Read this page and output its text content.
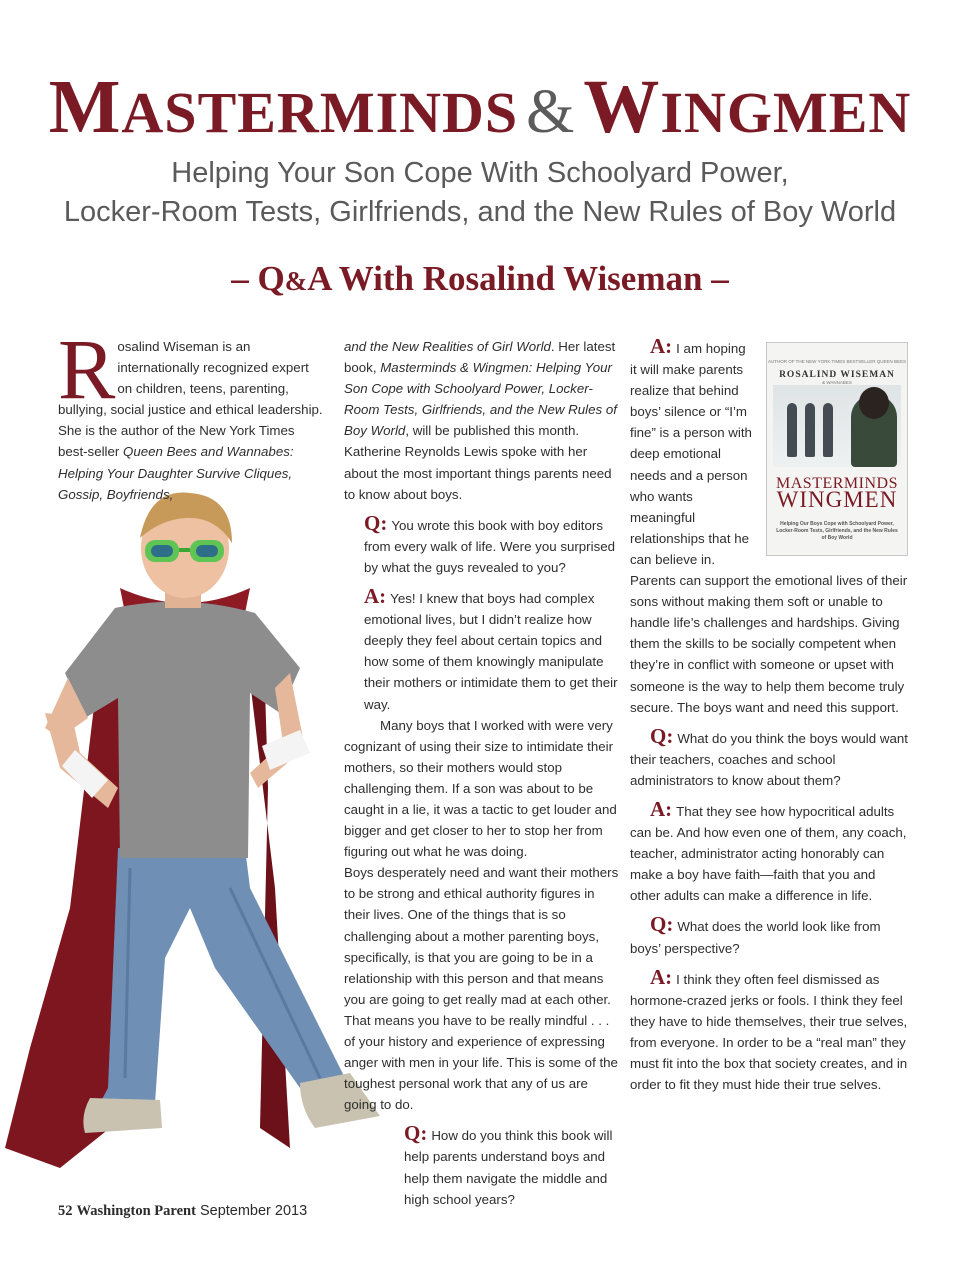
MASTERMINDS & WINGMEN
Helping Your Son Cope With Schoolyard Power,
Locker-Room Tests, Girlfriends, and the New Rules of Boy World
– Q&A With Rosalind Wiseman –

Rosalind Wiseman is an internationally recognized expert on children, teens, parenting, bullying, social justice and ethical leadership. She is the author of the New York Times best-seller Queen Bees and Wannabes: Helping Your Daughter Survive Cliques, Gossip, Boyfriends,

and the New Realities of Girl World. Her latest book, Masterminds & Wingmen: Helping Your Son Cope with Schoolyard Power, Locker-Room Tests, Girlfriends, and the New Rules of Boy World, will be published this month. Katherine Reynolds Lewis spoke with her about the most important things parents need to know about boys.

Q: You wrote this book with boy editors from every walk of life. Were you surprised by what the guys revealed to you?

A: Yes! I knew that boys had complex emotional lives, but I didn’t realize how deeply they feel about certain topics and how some of them knowingly manipulate their mothers or intimidate them to get their way.

Many boys that I worked with were very cognizant of using their size to intimidate their mothers, so their mothers would stop challenging them. If a son was about to be caught in a lie, it was a tactic to get louder and bigger and get closer to her to stop her from figuring out what he was doing.

Boys desperately need and want their mothers to be strong and ethical authority figures in their lives. One of the things that is so challenging about a mother parenting boys, specifically, is that you are going to be in a relationship with this person and that means you are going to get really mad at each other. That means you have to be really mindful . . . of your history and experience of expressing anger with men in your life. This is some of the toughest personal work that any of us are going to do.

Q: How do you think this book will help parents understand boys and help them navigate the middle and high school years?

AUTHOR OF THE NEW YORK TIMES BESTSELLER QUEEN BEES & WANNABES
ROSALIND WISEMAN
MASTERMINDS
WINGMEN
Helping Our Boys Cope with Schoolyard Power, Locker-Room Tests, Girlfriends, and the New Rules of Boy World

A: I am hoping it will make parents realize that behind boys’ silence or “I’m fine” is a person with deep emotional needs and a person who wants meaningful relationships that he can believe in. Parents can support the emotional lives of their sons without making them soft or unable to handle life’s challenges and hardships. Giving them the skills to be socially competent when they’re in conflict with someone or upset with someone is the way to help them become truly secure. The boys want and need this support.

Q: What do you think the boys would want their teachers, coaches and school administrators to know about them?

A: That they see how hypocritical adults can be. And how even one of them, any coach, teacher, administrator acting honorably can make a boy have faith—faith that you and other adults can make a difference in life.

Q: What does the world look like from boys’ perspective?

A: I think they often feel dismissed as hormone-crazed jerks or fools. I think they feel they have to hide themselves, their true selves, from everyone. In order to be a “real man” they must fit into the box that society creates, and in order to fit they must hide their true selves.

52 Washington Parent September 2013
